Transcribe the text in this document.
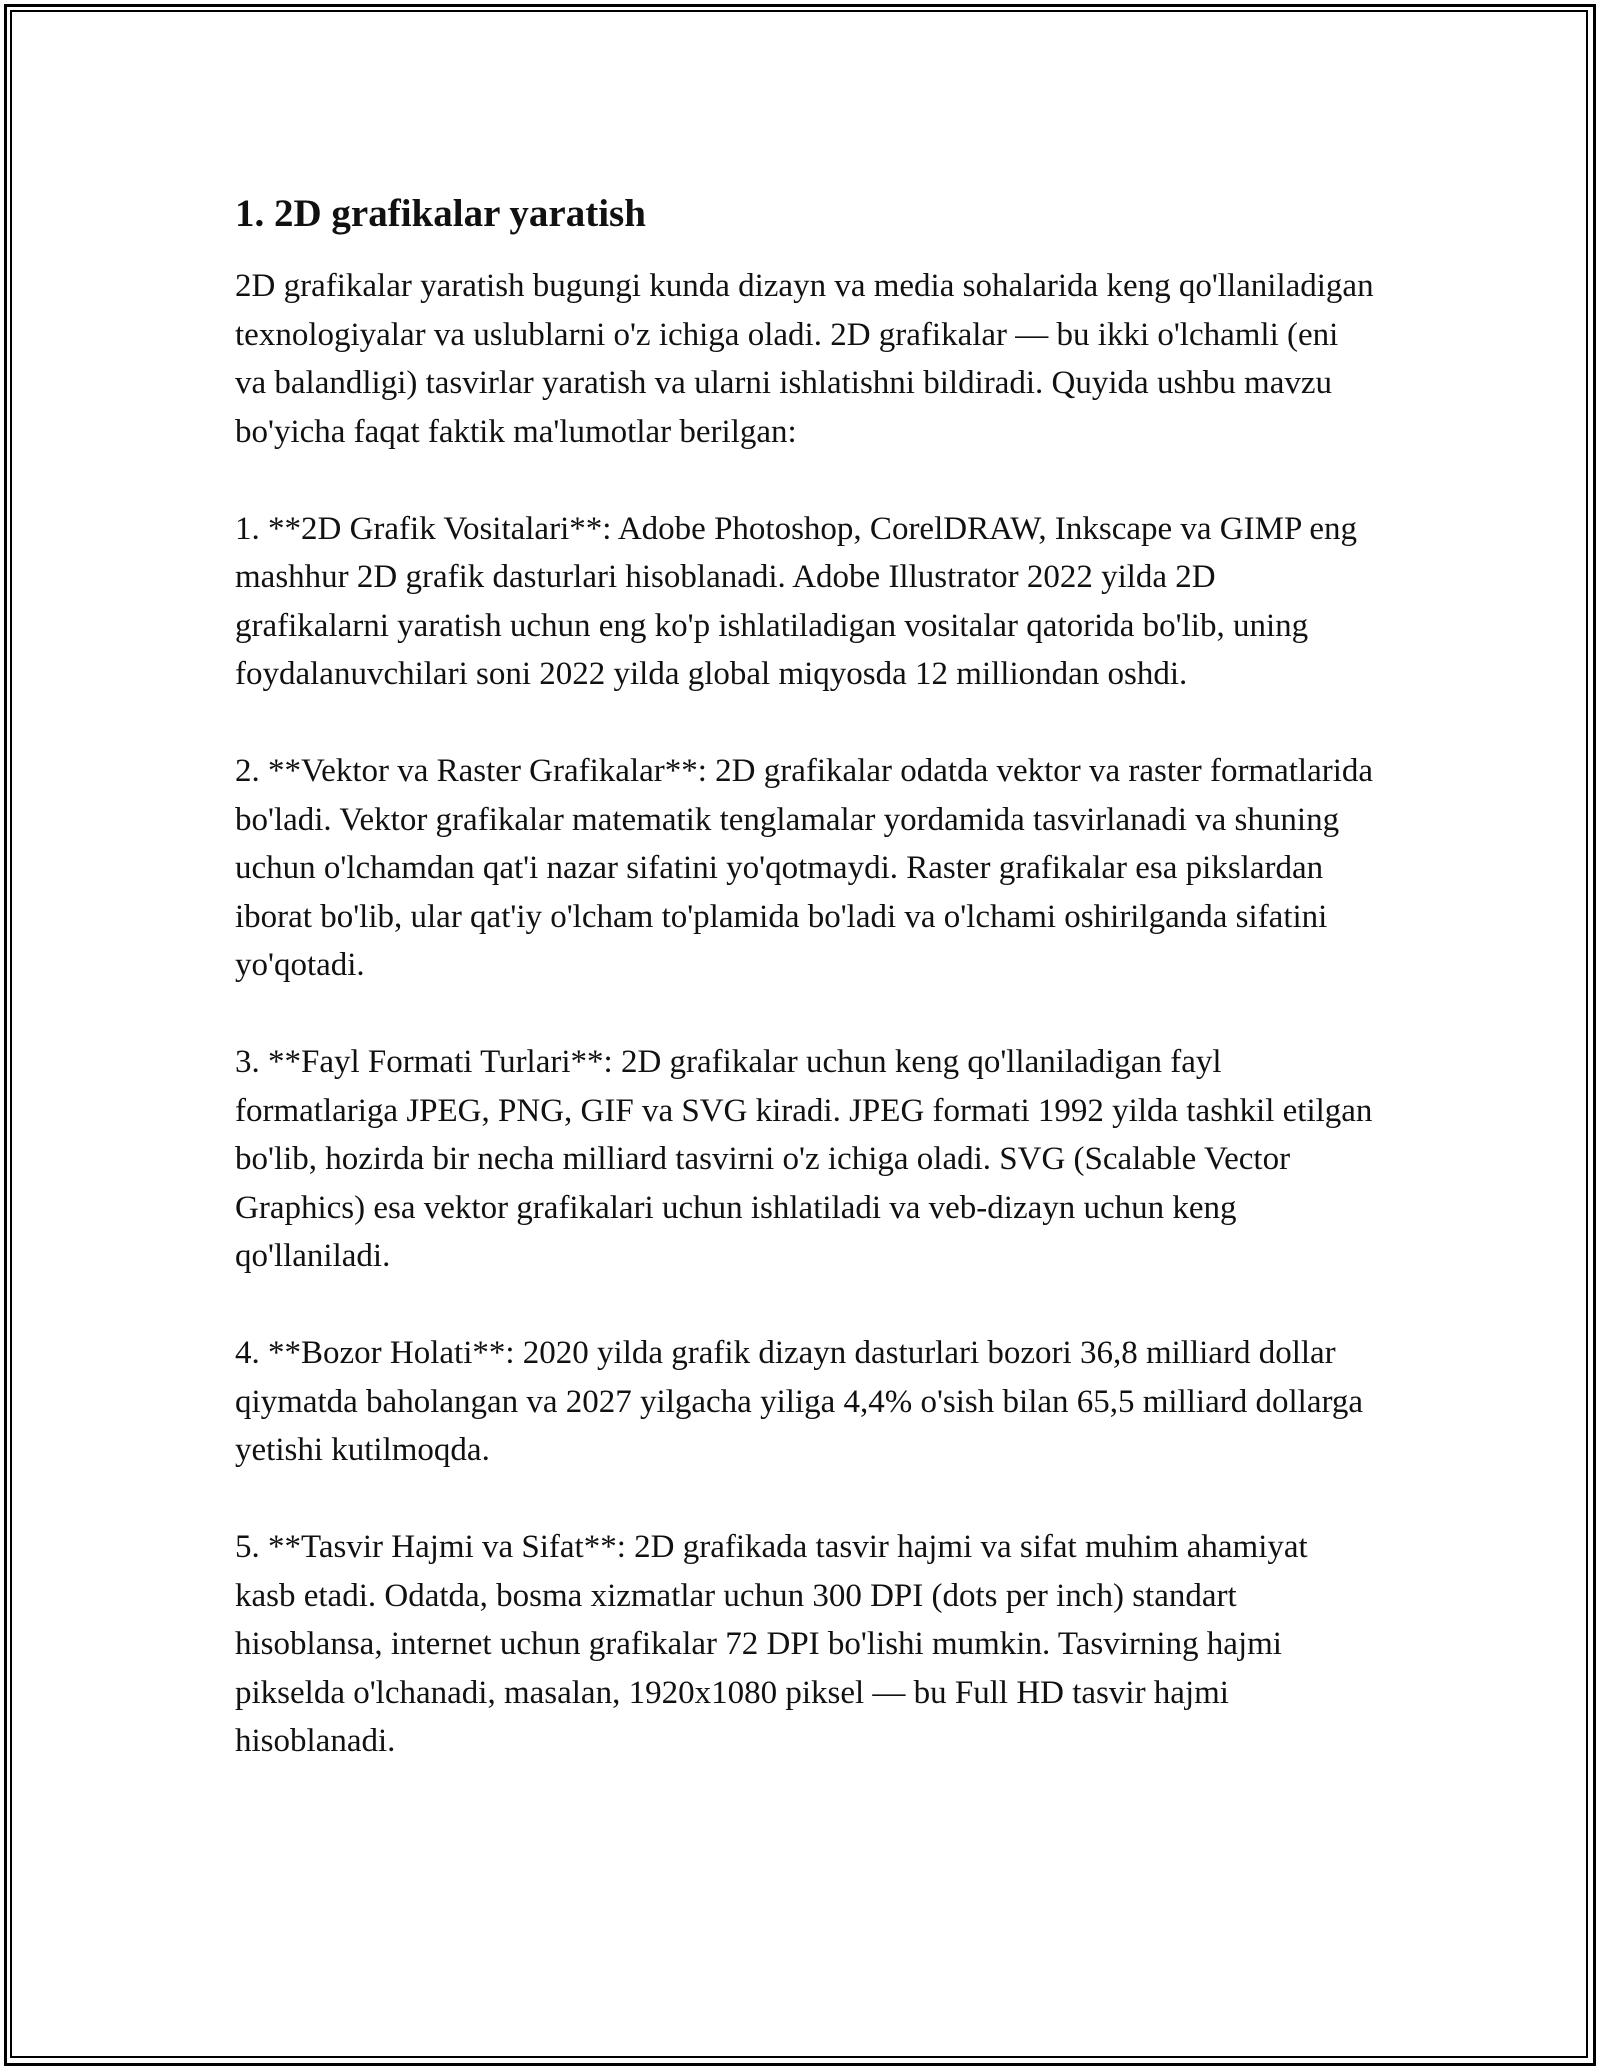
1. 2D grafikalar yaratish

2D grafikalar yaratish bugungi kunda dizayn va media sohalarida keng qo'llaniladigan texnologiyalar va uslublarni o'z ichiga oladi. 2D grafikalar — bu ikki o'lchamli (eni va balandligi) tasvirlar yaratish va ularni ishlatishni bildiradi. Quyida ushbu mavzu bo'yicha faqat faktik ma'lumotlar berilgan:

1. **2D Grafik Vositalari**: Adobe Photoshop, CorelDRAW, Inkscape va GIMP eng mashhur 2D grafik dasturlari hisoblanadi. Adobe Illustrator 2022 yilda 2D grafikalarni yaratish uchun eng ko'p ishlatiladigan vositalar qatorida bo'lib, uning foydalanuvchilari soni 2022 yilda global miqyosda 12 milliondan oshdi.

2. **Vektor va Raster Grafikalar**: 2D grafikalar odatda vektor va raster formatlarida bo'ladi. Vektor grafikalar matematik tenglamalar yordamida tasvirlanadi va shuning uchun o'lchamdan qat'i nazar sifatini yo'qotmaydi. Raster grafikalar esa pikslardan iborat bo'lib, ular qat'iy o'lcham to'plamida bo'ladi va o'lchami oshirilganda sifatini yo'qotadi.

3. **Fayl Formati Turlari**: 2D grafikalar uchun keng qo'llaniladigan fayl formatlariga JPEG, PNG, GIF va SVG kiradi. JPEG formati 1992 yilda tashkil etilgan bo'lib, hozirda bir necha milliard tasvirni o'z ichiga oladi. SVG (Scalable Vector Graphics) esa vektor grafikalari uchun ishlatiladi va veb-dizayn uchun keng qo'llaniladi.

4. **Bozor Holati**: 2020 yilda grafik dizayn dasturlari bozori 36,8 milliard dollar qiymatda baholangan va 2027 yilgacha yiliga 4,4% o'sish bilan 65,5 milliard dollarga yetishi kutilmoqda.

5. **Tasvir Hajmi va Sifat**: 2D grafikada tasvir hajmi va sifat muhim ahamiyat kasb etadi. Odatda, bosma xizmatlar uchun 300 DPI (dots per inch) standart hisoblansa, internet uchun grafikalar 72 DPI bo'lishi mumkin. Tasvirning hajmi pikselda o'lchanadi, masalan, 1920x1080 piksel — bu Full HD tasvir hajmi hisoblanadi.
